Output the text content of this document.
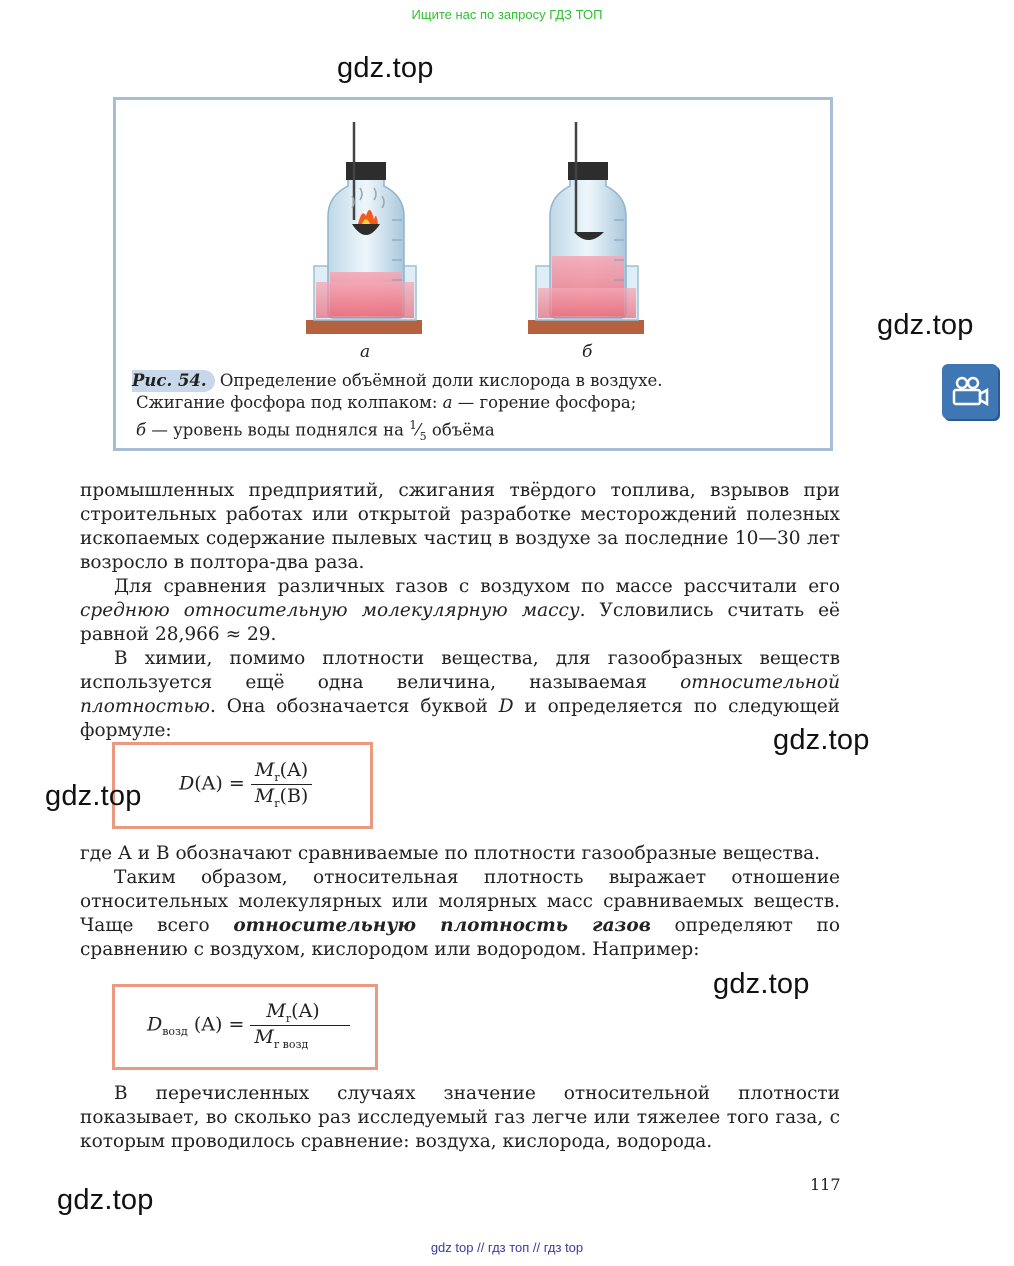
Ищите нас по запросу ГДЗ ТОП
gdz.top
gdz.top
а	б
Рис. 54. Определение объёмной доли кислорода в воздухе.
Сжигание фосфора под колпаком: а — горение фосфора;
б — уровень воды поднялся на $^1⁄_5$ объёма

промышленных предприятий, сжигания твёрдого топлива, взрывов при строительных работах или открытой разработке месторождений полезных ископаемых содержание пылевых частиц в воздухе за последние 10—30 лет возросло в полтора-два раза.

Для сравнения различных газов с воздухом по массе рассчитали его среднюю относительную молекулярную массу. Условились считать её равной 28,966 ≈ 29.

В химии, помимо плотности вещества, для газообразных веществ используется ещё одна величина, называемая относительной плотностью. Она обозначается буквой D и определяется по следующей формуле:	gdz.top
$D(A) = \frac{M_r(A)}{M_r(B)}$
gdz.top

где А и В обозначают сравниваемые по плотности газообразные вещества.

Таким образом, относительная плотность выражает отношение относительных молекулярных или молярных масс сравниваемых веществ. Чаще всего относительную плотность газов определяют по сравнению с воздухом, кислородом или водородом. Например:

gdz.top
$D_{возд}$ $(A) = \frac{M_r(A)}{M_{r возд}}$

В перечисленных случаях значение относительной плотности показывает, во сколько раз исследуемый газ легче или тяжелее того газа, с которым проводилось сравнение: воздуха, кислорода, водорода.

117
gdz.top
gdz top // гдз топ // гдз top
